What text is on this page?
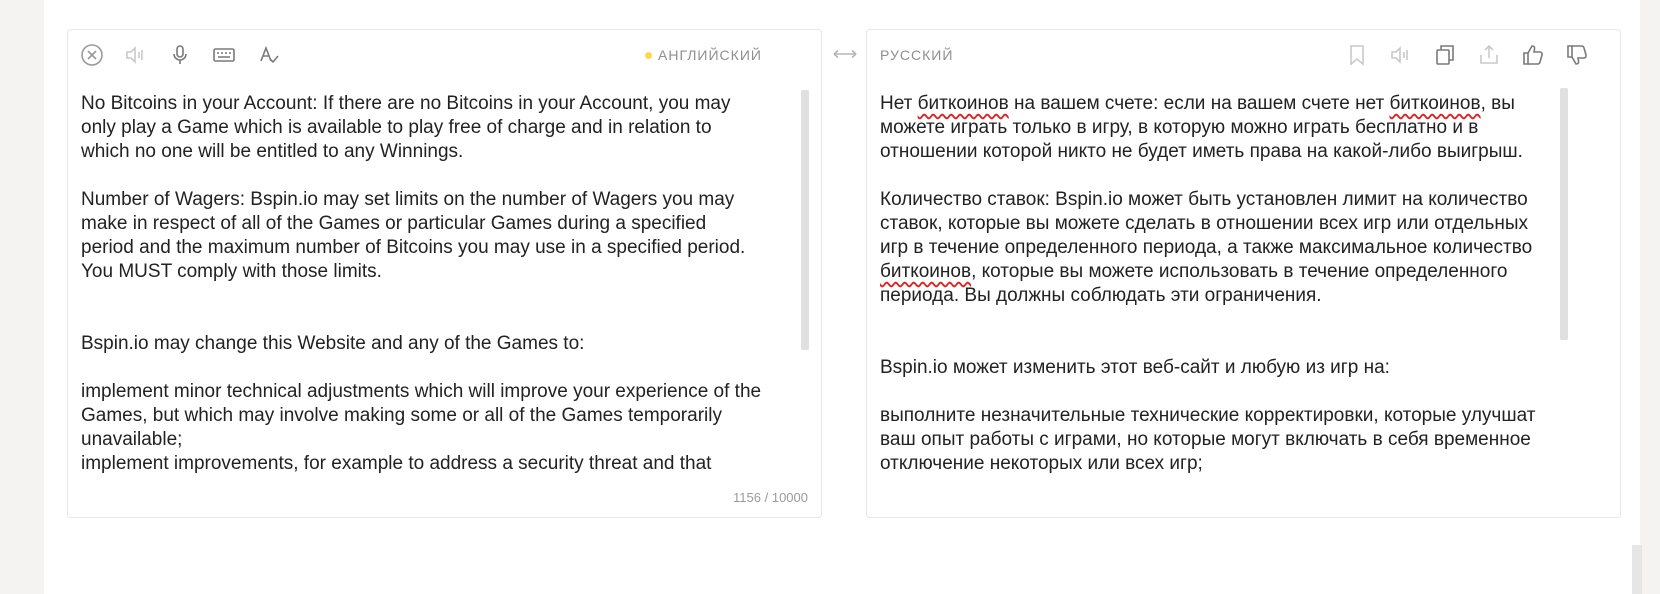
АНГЛИЙСКИЙ

No Bitcoins in your Account: If there are no Bitcoins in your Account, you may
only play a Game which is available to play free of charge and in relation to
which no one will be entitled to any Winnings.

Number of Wagers: Bspin.io may set limits on the number of Wagers you may
make in respect of all of the Games or particular Games during a specified
period and the maximum number of Bitcoins you may use in a specified period.
You MUST comply with those limits.

Bspin.io may change this Website and any of the Games to:

implement minor technical adjustments which will improve your experience of the
Games, but which may involve making some or all of the Games temporarily
unavailable;
implement improvements, for example to address a security threat and that

1156 / 10000
РУССКИЙ

Нет биткоинов на вашем счете: если на вашем счете нет биткоинов, вы
можете играть только в игру, в которую можно играть бесплатно и в
отношении которой никто не будет иметь права на какой-либо выигрыш.

Количество ставок: Bspin.io может быть установлен лимит на количество
ставок, которые вы можете сделать в отношении всех игр или отдельных
игр в течение определенного периода, а также максимальное количество
биткоинов, которые вы можете использовать в течение определенного
периода. Вы должны соблюдать эти ограничения.

Bspin.io может изменить этот веб-сайт и любую из игр на:

выполните незначительные технические корректировки, которые улучшат
ваш опыт работы с играми, но которые могут включать в себя временное
отключение некоторых или всех игр;
